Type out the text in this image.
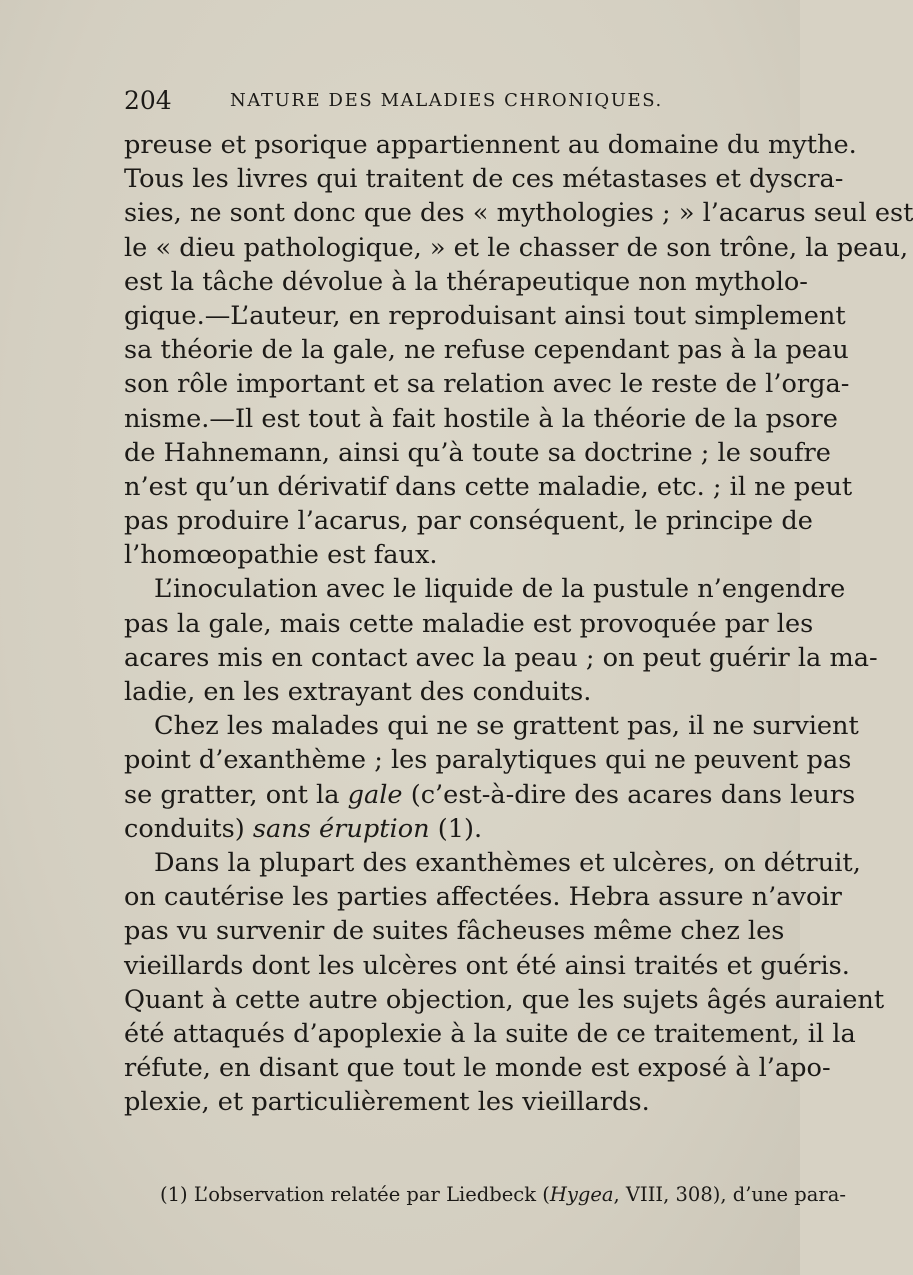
204	NATURE DES MALADIES CHRONIQUES.
preuse et psorique appartiennent au domaine du mythe.
Tous les livres qui traitent de ces métastases et dyscra-
sies, ne sont donc que des « mythologies ; » l’acarus seul est
le « dieu pathologique, » et le chasser de son trône, la peau,
est la tâche dévolue à la thérapeutique non mytholo-
gique.—L’auteur, en reproduisant ainsi tout simplement
sa théorie de la gale, ne refuse cependant pas à la peau
son rôle important et sa relation avec le reste de l’orga-
nisme.—Il est tout à fait hostile à la théorie de la psore
de Hahnemann, ainsi qu’à toute sa doctrine ; le soufre
n’est qu’un dérivatif dans cette maladie, etc. ; il ne peut
pas produire l’acarus, par conséquent, le principe de
l’homœopathie est faux.
L’inoculation avec le liquide de la pustule n’engendre
pas la gale, mais cette maladie est provoquée par les
acares mis en contact avec la peau ; on peut guérir la ma-
ladie, en les extrayant des conduits.
Chez les malades qui ne se grattent pas, il ne survient
point d’exanthème ; les paralytiques qui ne peuvent pas
se gratter, ont la gale (c’est-à-dire des acares dans leurs
conduits) sans éruption (1).
Dans la plupart des exanthèmes et ulcères, on détruit,
on cautérise les parties affectées. Hebra assure n’avoir
pas vu survenir de suites fâcheuses même chez les
vieillards dont les ulcères ont été ainsi traités et guéris.
Quant à cette autre objection, que les sujets âgés auraient
été attaqués d’apoplexie à la suite de ce traitement, il la
réfute, en disant que tout le monde est exposé à l’apo-
plexie, et particulièrement les vieillards.
(1) L’observation relatée par Liedbeck (Hygea, VIII, 308), d’une para-
